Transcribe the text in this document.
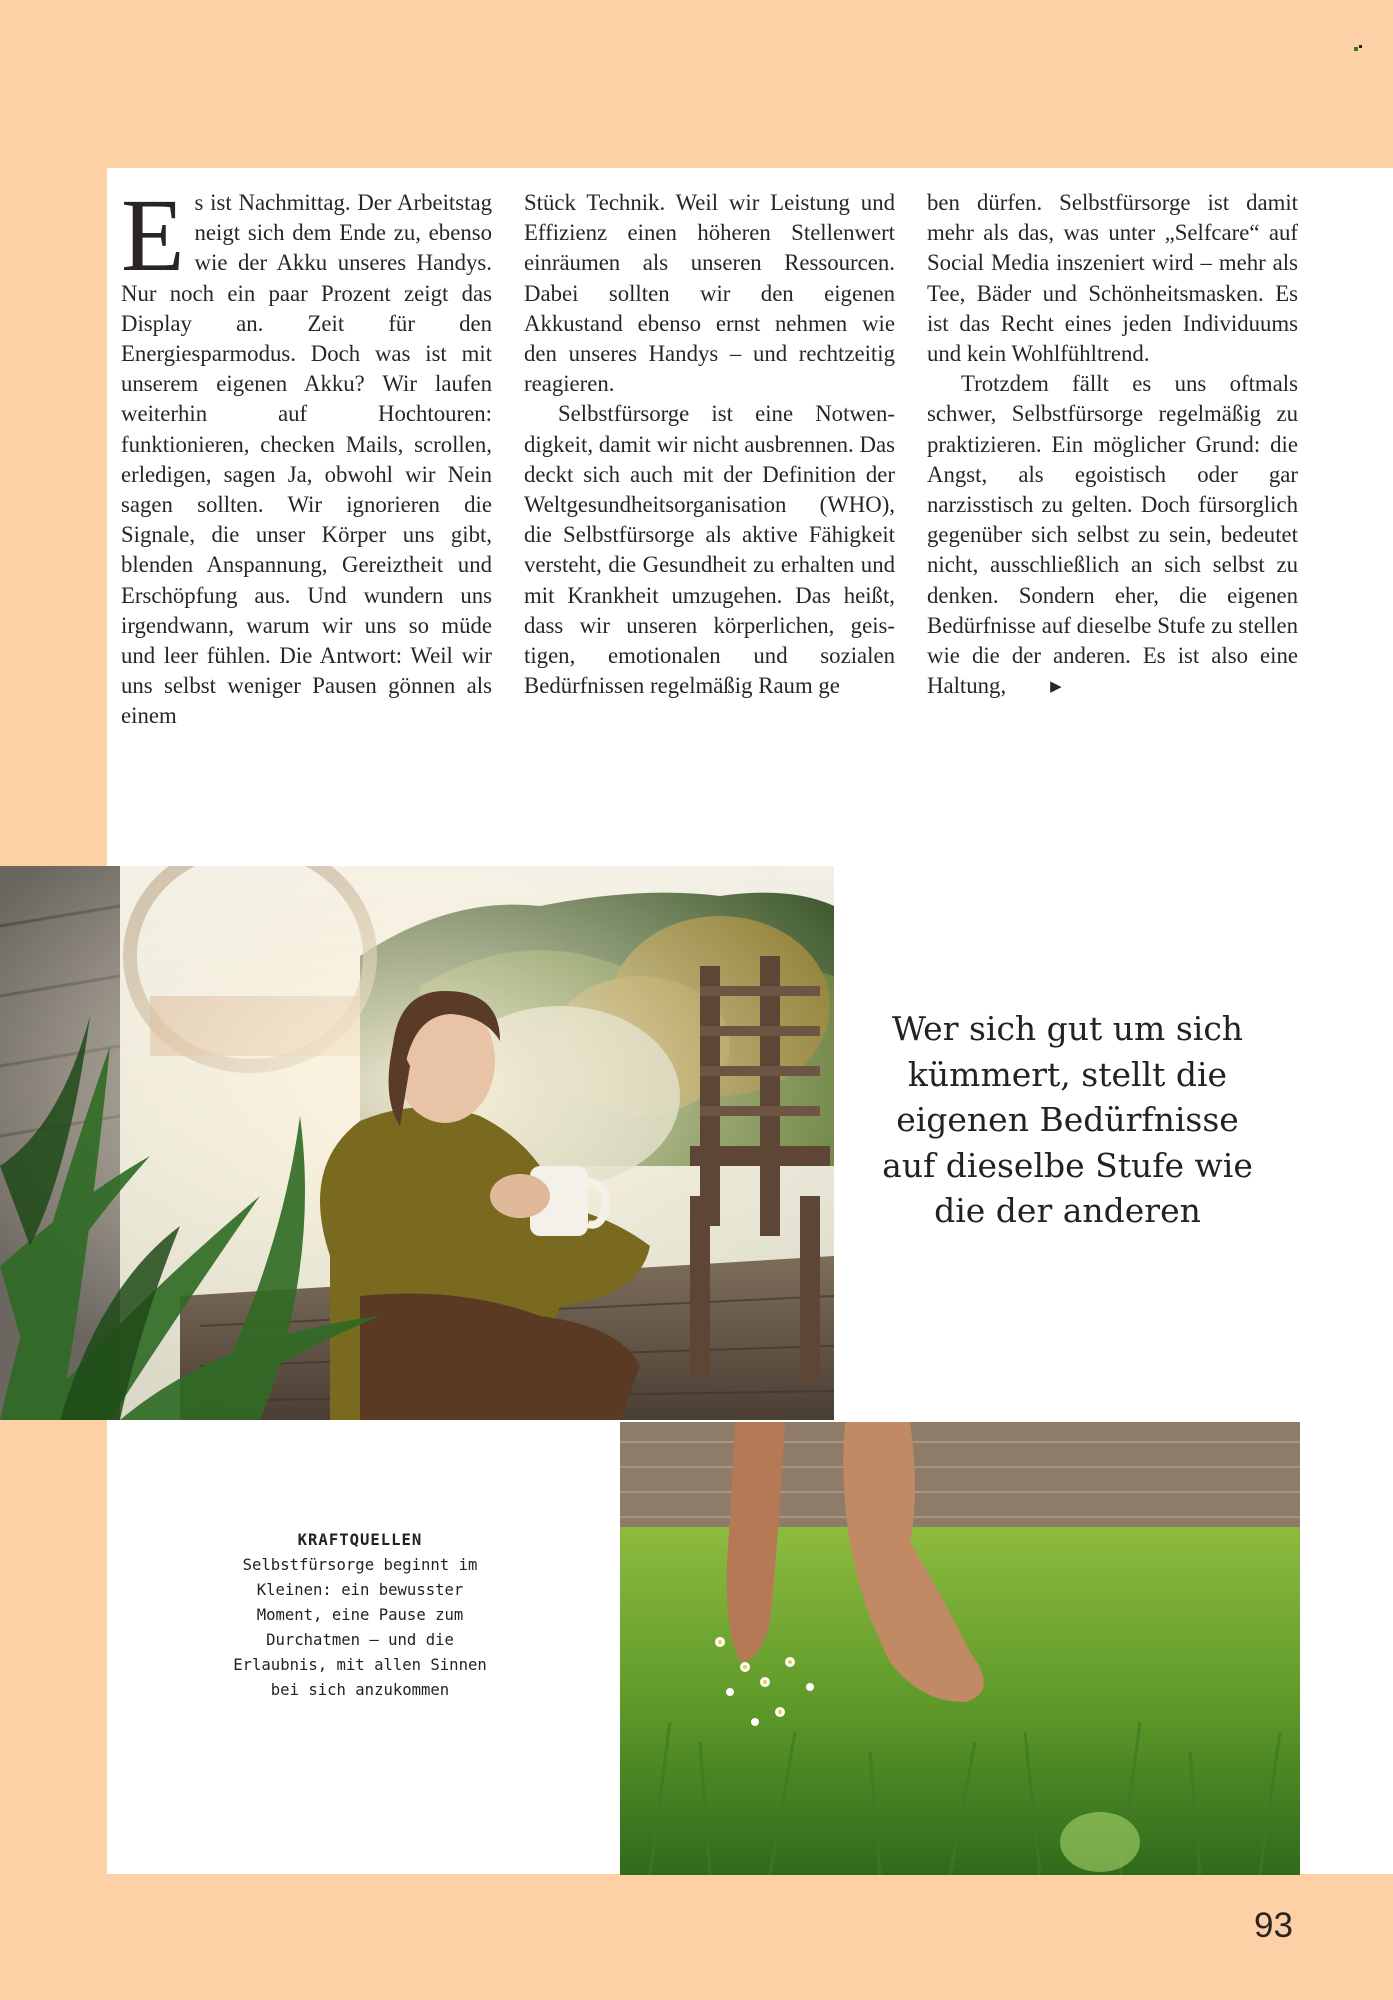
Es ist Nachmittag. Der Arbeitstag neigt sich dem Ende zu, ebenso wie der Akku unseres Handys. Nur noch ein paar Prozent zeigt das Display an. Zeit für den Energiesparmodus. Doch was ist mit unserem eigenen Akku? Wir laufen weiterhin auf Hochtouren: funktionieren, checken Mails, scrollen, erledigen, sagen Ja, obwohl wir Nein sagen sollten. Wir ignorieren die Signale, die unser Körper uns gibt, blenden Anspannung, Gereiztheit und Erschöpfung aus. Und wundern uns irgendwann, warum wir uns so müde und leer fühlen. Die Antwort: Weil wir uns selbst weniger Pausen gönnen als einem

Stück Technik. Weil wir Leistung und Effizienz einen höheren Stellenwert einräumen als unseren Ressourcen. Dabei sollten wir den eigenen Akkustand ebenso ernst nehmen wie den unseres Handys – und rechtzeitig reagieren.

Selbstfürsorge ist eine Notwendigkeit, damit wir nicht ausbrennen. Das deckt sich auch mit der Definition der Weltgesundheitsorganisation (WHO), die Selbstfürsorge als aktive Fähigkeit versteht, die Gesundheit zu erhalten und mit Krankheit umzugehen. Das heißt, dass wir unseren körperlichen, geistigen, emotionalen und sozialen Bedürfnissen regelmäßig Raum ge

ben dürfen. Selbstfürsorge ist damit mehr als das, was unter „Selfcare“ auf Social Media inszeniert wird – mehr als Tee, Bäder und Schönheitsmasken. Es ist das Recht eines jeden Individuums und kein Wohlfühltrend.

Trotzdem fällt es uns oftmals schwer, Selbstfürsorge regelmäßig zu praktizieren. Ein möglicher Grund: die Angst, als egoistisch oder gar narzisstisch zu gelten. Doch fürsorglich gegenüber sich selbst zu sein, bedeutet nicht, ausschließlich an sich selbst zu denken. Sondern eher, die eigenen Bedürfnisse auf dieselbe Stufe zu stellen wie die der anderen. Es ist also eine Haltung,	▶

Wer sich gut um sich kümmert, stellt die eigenen Bedürfnisse auf dieselbe Stufe wie die der anderen
KRAFTQUELLEN
Selbstfürsorge beginnt im Kleinen: ein bewusster Moment, eine Pause zum Durchatmen – und die Erlaubnis, mit allen Sinnen bei sich anzukommen
93
